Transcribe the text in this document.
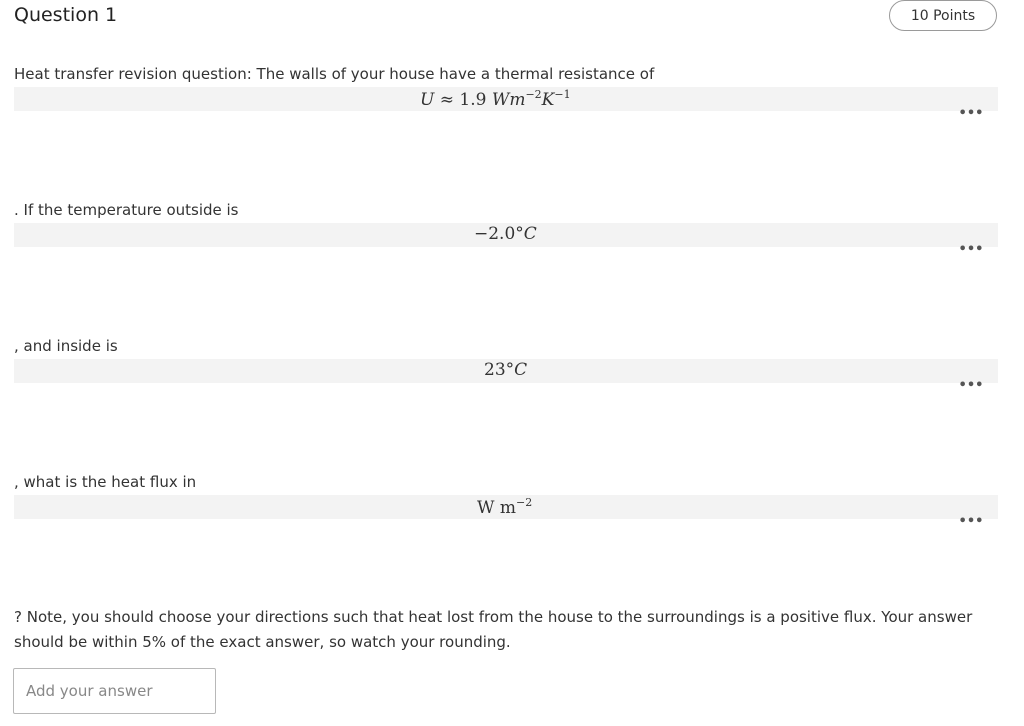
Question 1	10 Points
Heat transfer revision question: The walls of your house have a thermal resistance of
U ≈ 1.9 $Wm^{-2}K^{-1}$
•••
. If the temperature outside is
−2.0°C
•••
, and inside is
23°C
•••
, what is the heat flux in
W $m^{-2}$
•••
? Note, you should choose your directions such that heat lost from the house to the surroundings is a positive flux. Your answer should be within 5% of the exact answer, so watch your rounding.
Add your answer
